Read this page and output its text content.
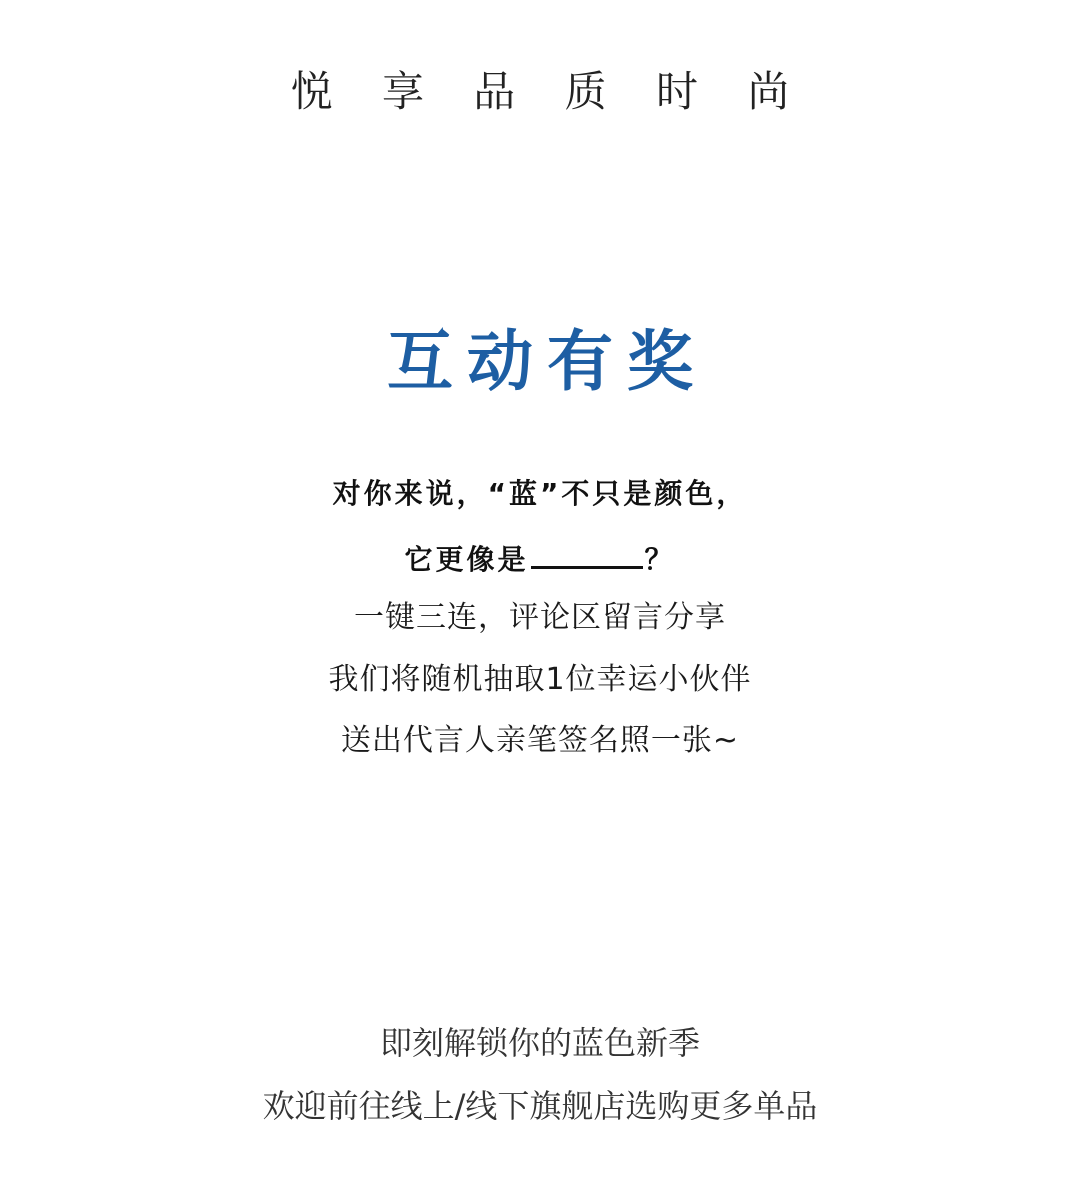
悦 享 品 质 时 尚
互动有奖
对你来说，“蓝”不只是颜色，
它更像是	？
一键三连，评论区留言分享
我们将随机抽取1位幸运小伙伴
送出代言人亲笔签名照一张~
即刻解锁你的蓝色新季
欢迎前往线上/线下旗舰店选购更多单品
